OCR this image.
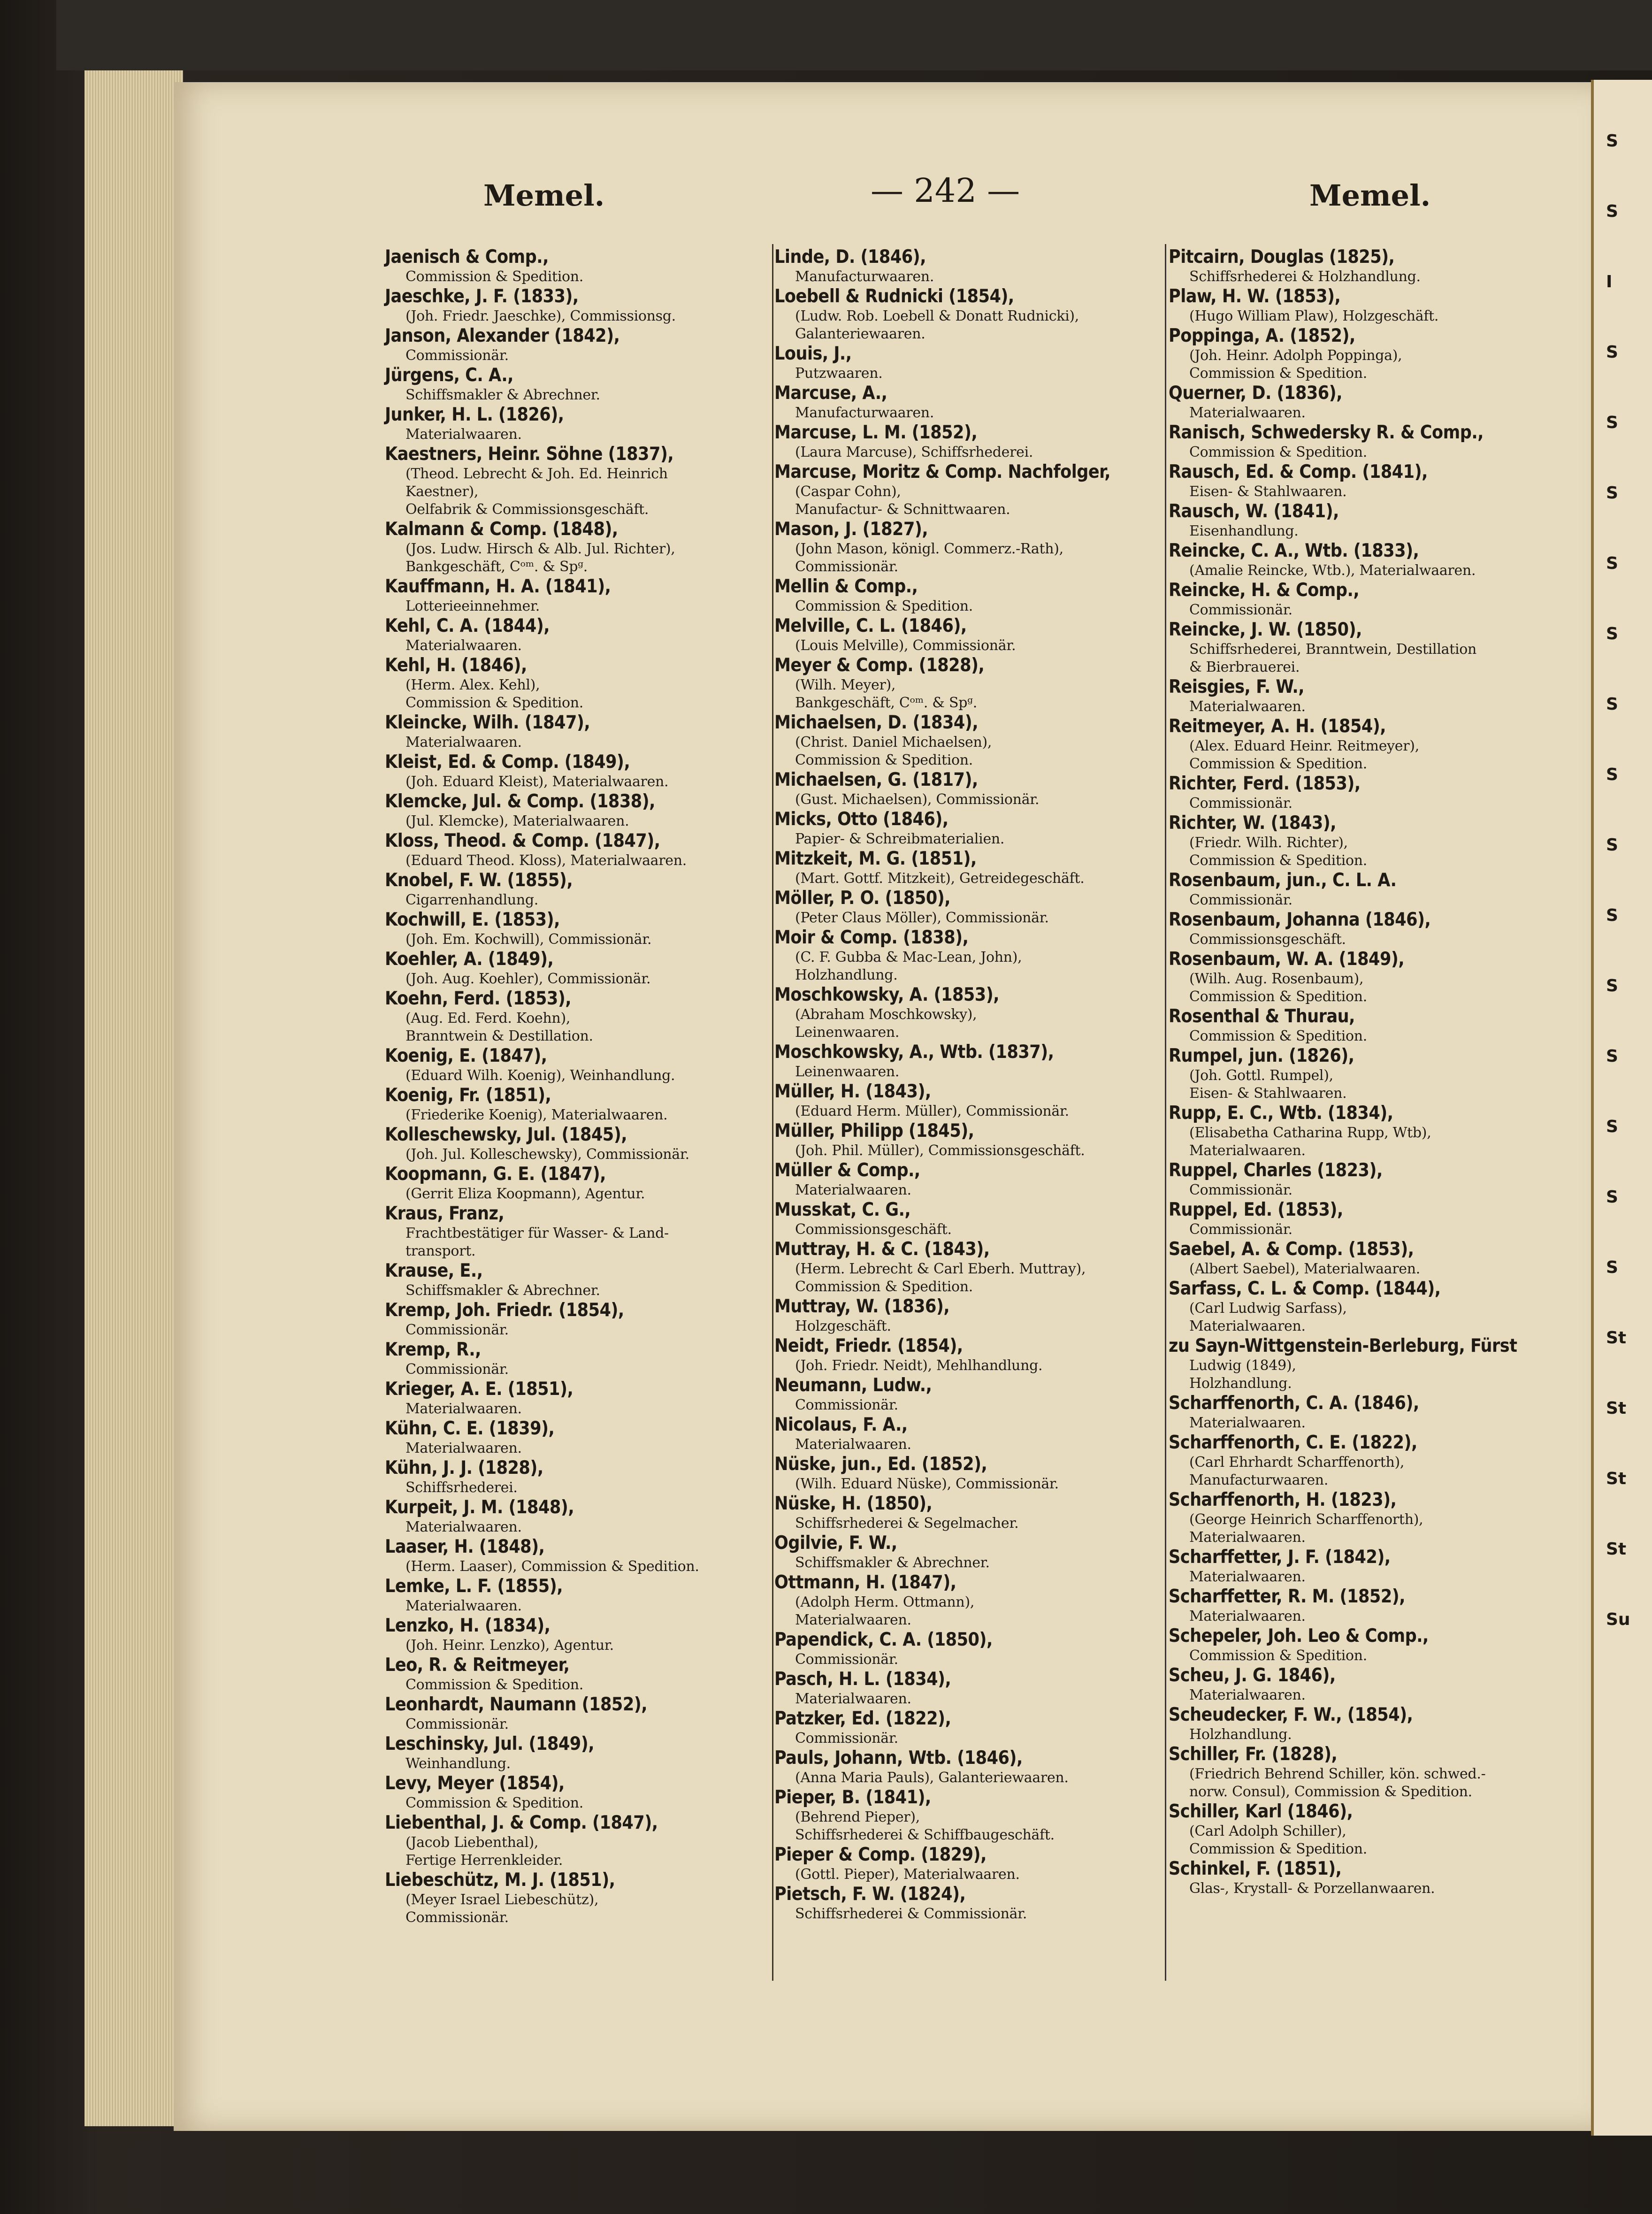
S
S
I
S
S
S
S
S
S
S
S
S
S
S
S
S
S
St
St
St
St
Su
Memel.	— 242 —	Memel.
Jaenisch & Comp.,
Commission & Spedition.
Jaeschke, J. F. (1833),
(Joh. Friedr. Jaeschke), Commissionsg.
Janson, Alexander (1842),
Commissionär.
Jürgens, C. A.,
Schiffsmakler & Abrechner.
Junker, H. L. (1826),
Materialwaaren.
Kaestners, Heinr. Söhne (1837),
(Theod. Lebrecht & Joh. Ed. Heinrich
Kaestner),
Oelfabrik & Commissionsgeschäft.
Kalmann & Comp. (1848),
(Jos. Ludw. Hirsch & Alb. Jul. Richter),
Bankgeschäft, Cᵒᵐ. & Spᵍ.
Kauffmann, H. A. (1841),
Lotterieeinnehmer.
Kehl, C. A. (1844),
Materialwaaren.
Kehl, H. (1846),
(Herm. Alex. Kehl),
Commission & Spedition.
Kleincke, Wilh. (1847),
Materialwaaren.
Kleist, Ed. & Comp. (1849),
(Joh. Eduard Kleist), Materialwaaren.
Klemcke, Jul. & Comp. (1838),
(Jul. Klemcke), Materialwaaren.
Kloss, Theod. & Comp. (1847),
(Eduard Theod. Kloss), Materialwaaren.
Knobel, F. W. (1855),
Cigarrenhandlung.
Kochwill, E. (1853),
(Joh. Em. Kochwill), Commissionär.
Koehler, A. (1849),
(Joh. Aug. Koehler), Commissionär.
Koehn, Ferd. (1853),
(Aug. Ed. Ferd. Koehn),
Branntwein & Destillation.
Koenig, E. (1847),
(Eduard Wilh. Koenig), Weinhandlung.
Koenig, Fr. (1851),
(Friederike Koenig), Materialwaaren.
Kolleschewsky, Jul. (1845),
(Joh. Jul. Kolleschewsky), Commissionär.
Koopmann, G. E. (1847),
(Gerrit Eliza Koopmann), Agentur.
Kraus, Franz,
Frachtbestätiger für Wasser- & Land-
transport.
Krause, E.,
Schiffsmakler & Abrechner.
Kremp, Joh. Friedr. (1854),
Commissionär.
Kremp, R.,
Commissionär.
Krieger, A. E. (1851),
Materialwaaren.
Kühn, C. E. (1839),
Materialwaaren.
Kühn, J. J. (1828),
Schiffsrhederei.
Kurpeit, J. M. (1848),
Materialwaaren.
Laaser, H. (1848),
(Herm. Laaser), Commission & Spedition.
Lemke, L. F. (1855),
Materialwaaren.
Lenzko, H. (1834),
(Joh. Heinr. Lenzko), Agentur.
Leo, R. & Reitmeyer,
Commission & Spedition.
Leonhardt, Naumann (1852),
Commissionär.
Leschinsky, Jul. (1849),
Weinhandlung.
Levy, Meyer (1854),
Commission & Spedition.
Liebenthal, J. & Comp. (1847),
(Jacob Liebenthal),
Fertige Herrenkleider.
Liebeschütz, M. J. (1851),
(Meyer Israel Liebeschütz),
Commissionär.
Linde, D. (1846),
Manufacturwaaren.
Loebell & Rudnicki (1854),
(Ludw. Rob. Loebell & Donatt Rudnicki),
Galanteriewaaren.
Louis, J.,
Putzwaaren.
Marcuse, A.,
Manufacturwaaren.
Marcuse, L. M. (1852),
(Laura Marcuse), Schiffsrhederei.
Marcuse, Moritz & Comp. Nachfolger,
(Caspar Cohn),
Manufactur- & Schnittwaaren.
Mason, J. (1827),
(John Mason, königl. Commerz.-Rath),
Commissionär.
Mellin & Comp.,
Commission & Spedition.
Melville, C. L. (1846),
(Louis Melville), Commissionär.
Meyer & Comp. (1828),
(Wilh. Meyer),
Bankgeschäft, Cᵒᵐ. & Spᵍ.
Michaelsen, D. (1834),
(Christ. Daniel Michaelsen),
Commission & Spedition.
Michaelsen, G. (1817),
(Gust. Michaelsen), Commissionär.
Micks, Otto (1846),
Papier- & Schreibmaterialien.
Mitzkeit, M. G. (1851),
(Mart. Gottf. Mitzkeit), Getreidegeschäft.
Möller, P. O. (1850),
(Peter Claus Möller), Commissionär.
Moir & Comp. (1838),
(C. F. Gubba & Mac-Lean, John),
Holzhandlung.
Moschkowsky, A. (1853),
(Abraham Moschkowsky),
Leinenwaaren.
Moschkowsky, A., Wtb. (1837),
Leinenwaaren.
Müller, H. (1843),
(Eduard Herm. Müller), Commissionär.
Müller, Philipp (1845),
(Joh. Phil. Müller), Commissionsgeschäft.
Müller & Comp.,
Materialwaaren.
Musskat, C. G.,
Commissionsgeschäft.
Muttray, H. & C. (1843),
(Herm. Lebrecht & Carl Eberh. Muttray),
Commission & Spedition.
Muttray, W. (1836),
Holzgeschäft.
Neidt, Friedr. (1854),
(Joh. Friedr. Neidt), Mehlhandlung.
Neumann, Ludw.,
Commissionär.
Nicolaus, F. A.,
Materialwaaren.
Nüske, jun., Ed. (1852),
(Wilh. Eduard Nüske), Commissionär.
Nüske, H. (1850),
Schiffsrhederei & Segelmacher.
Ogilvie, F. W.,
Schiffsmakler & Abrechner.
Ottmann, H. (1847),
(Adolph Herm. Ottmann),
Materialwaaren.
Papendick, C. A. (1850),
Commissionär.
Pasch, H. L. (1834),
Materialwaaren.
Patzker, Ed. (1822),
Commissionär.
Pauls, Johann, Wtb. (1846),
(Anna Maria Pauls), Galanteriewaaren.
Pieper, B. (1841),
(Behrend Pieper),
Schiffsrhederei & Schiffbaugeschäft.
Pieper & Comp. (1829),
(Gottl. Pieper), Materialwaaren.
Pietsch, F. W. (1824),
Schiffsrhederei & Commissionär.
Pitcairn, Douglas (1825),
Schiffsrhederei & Holzhandlung.
Plaw, H. W. (1853),
(Hugo William Plaw), Holzgeschäft.
Poppinga, A. (1852),
(Joh. Heinr. Adolph Poppinga),
Commission & Spedition.
Querner, D. (1836),
Materialwaaren.
Ranisch, Schwedersky R. & Comp.,
Commission & Spedition.
Rausch, Ed. & Comp. (1841),
Eisen- & Stahlwaaren.
Rausch, W. (1841),
Eisenhandlung.
Reincke, C. A., Wtb. (1833),
(Amalie Reincke, Wtb.), Materialwaaren.
Reincke, H. & Comp.,
Commissionär.
Reincke, J. W. (1850),
Schiffsrhederei, Branntwein, Destillation
& Bierbrauerei.
Reisgies, F. W.,
Materialwaaren.
Reitmeyer, A. H. (1854),
(Alex. Eduard Heinr. Reitmeyer),
Commission & Spedition.
Richter, Ferd. (1853),
Commissionär.
Richter, W. (1843),
(Friedr. Wilh. Richter),
Commission & Spedition.
Rosenbaum, jun., C. L. A.
Commissionär.
Rosenbaum, Johanna (1846),
Commissionsgeschäft.
Rosenbaum, W. A. (1849),
(Wilh. Aug. Rosenbaum),
Commission & Spedition.
Rosenthal & Thurau,
Commission & Spedition.
Rumpel, jun. (1826),
(Joh. Gottl. Rumpel),
Eisen- & Stahlwaaren.
Rupp, E. C., Wtb. (1834),
(Elisabetha Catharina Rupp, Wtb),
Materialwaaren.
Ruppel, Charles (1823),
Commissionär.
Ruppel, Ed. (1853),
Commissionär.
Saebel, A. & Comp. (1853),
(Albert Saebel), Materialwaaren.
Sarfass, C. L. & Comp. (1844),
(Carl Ludwig Sarfass),
Materialwaaren.
zu Sayn-Wittgenstein-Berleburg, Fürst
Ludwig (1849),
Holzhandlung.
Scharffenorth, C. A. (1846),
Materialwaaren.
Scharffenorth, C. E. (1822),
(Carl Ehrhardt Scharffenorth),
Manufacturwaaren.
Scharffenorth, H. (1823),
(George Heinrich Scharffenorth),
Materialwaaren.
Scharffetter, J. F. (1842),
Materialwaaren.
Scharffetter, R. M. (1852),
Materialwaaren.
Schepeler, Joh. Leo & Comp.,
Commission & Spedition.
Scheu, J. G. 1846),
Materialwaaren.
Scheudecker, F. W., (1854),
Holzhandlung.
Schiller, Fr. (1828),
(Friedrich Behrend Schiller, kön. schwed.-
norw. Consul), Commission & Spedition.
Schiller, Karl (1846),
(Carl Adolph Schiller),
Commission & Spedition.
Schinkel, F. (1851),
Glas-, Krystall- & Porzellanwaaren.
